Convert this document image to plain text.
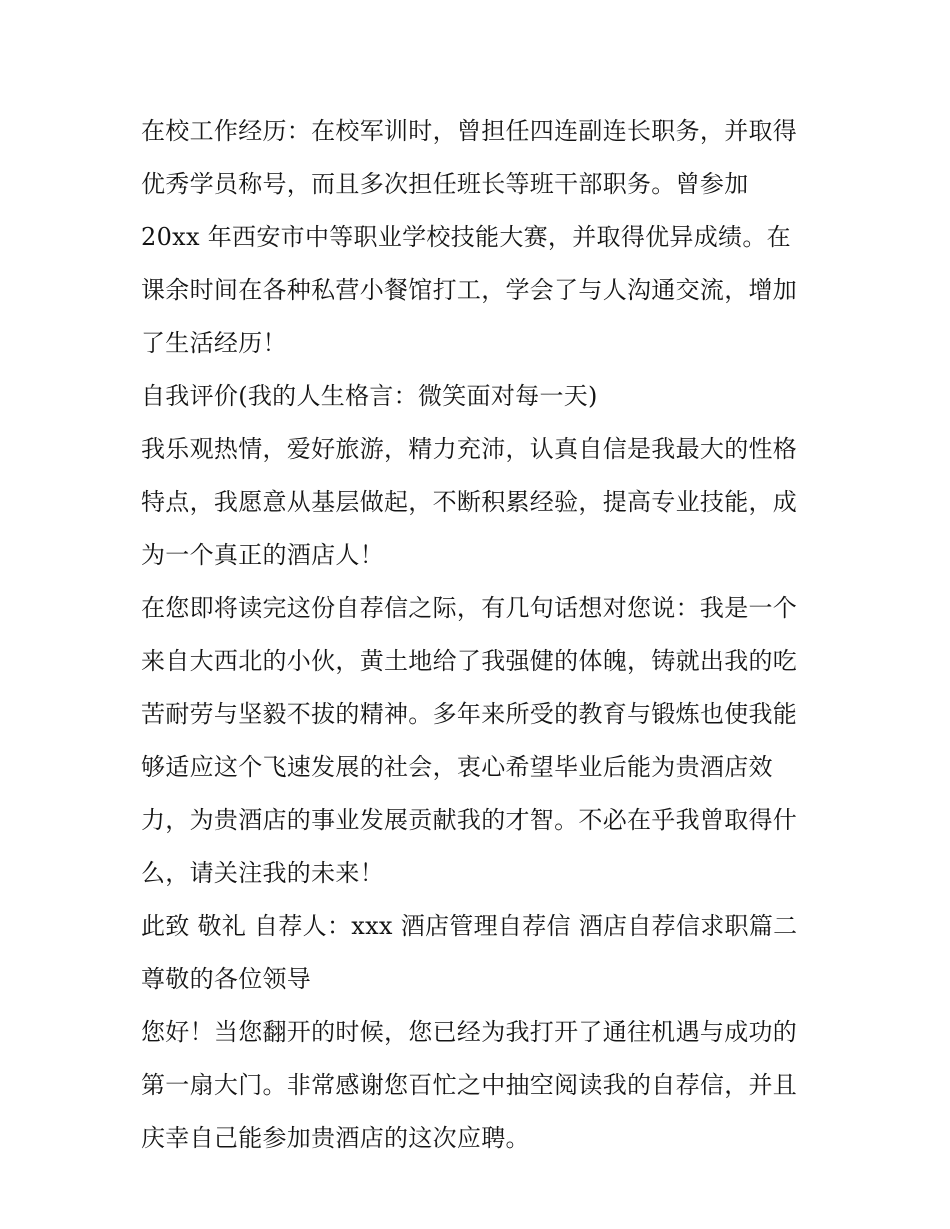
在校工作经历：在校军训时，曾担任四连副连长职务，并取得
优秀学员称号，而且多次担任班长等班干部职务。曾参加
20xx 年西安市中等职业学校技能大赛，并取得优异成绩。在
课余时间在各种私营小餐馆打工，学会了与人沟通交流，增加
了生活经历！
自我评价(我的人生格言：微笑面对每一天)
我乐观热情，爱好旅游，精力充沛，认真自信是我最大的性格
特点，我愿意从基层做起，不断积累经验，提高专业技能，成
为一个真正的酒店人！
在您即将读完这份自荐信之际，有几句话想对您说：我是一个
来自大西北的小伙，黄土地给了我强健的体魄，铸就出我的吃
苦耐劳与坚毅不拔的精神。多年来所受的教育与锻炼也使我能
够适应这个飞速发展的社会，衷心希望毕业后能为贵酒店效
力，为贵酒店的事业发展贡献我的才智。不必在乎我曾取得什
么，请关注我的未来！
此致 敬礼 自荐人：xxx 酒店管理自荐信 酒店自荐信求职篇二
尊敬的各位领导
您好！当您翻开的时候，您已经为我打开了通往机遇与成功的
第一扇大门。非常感谢您百忙之中抽空阅读我的自荐信，并且
庆幸自己能参加贵酒店的这次应聘。
